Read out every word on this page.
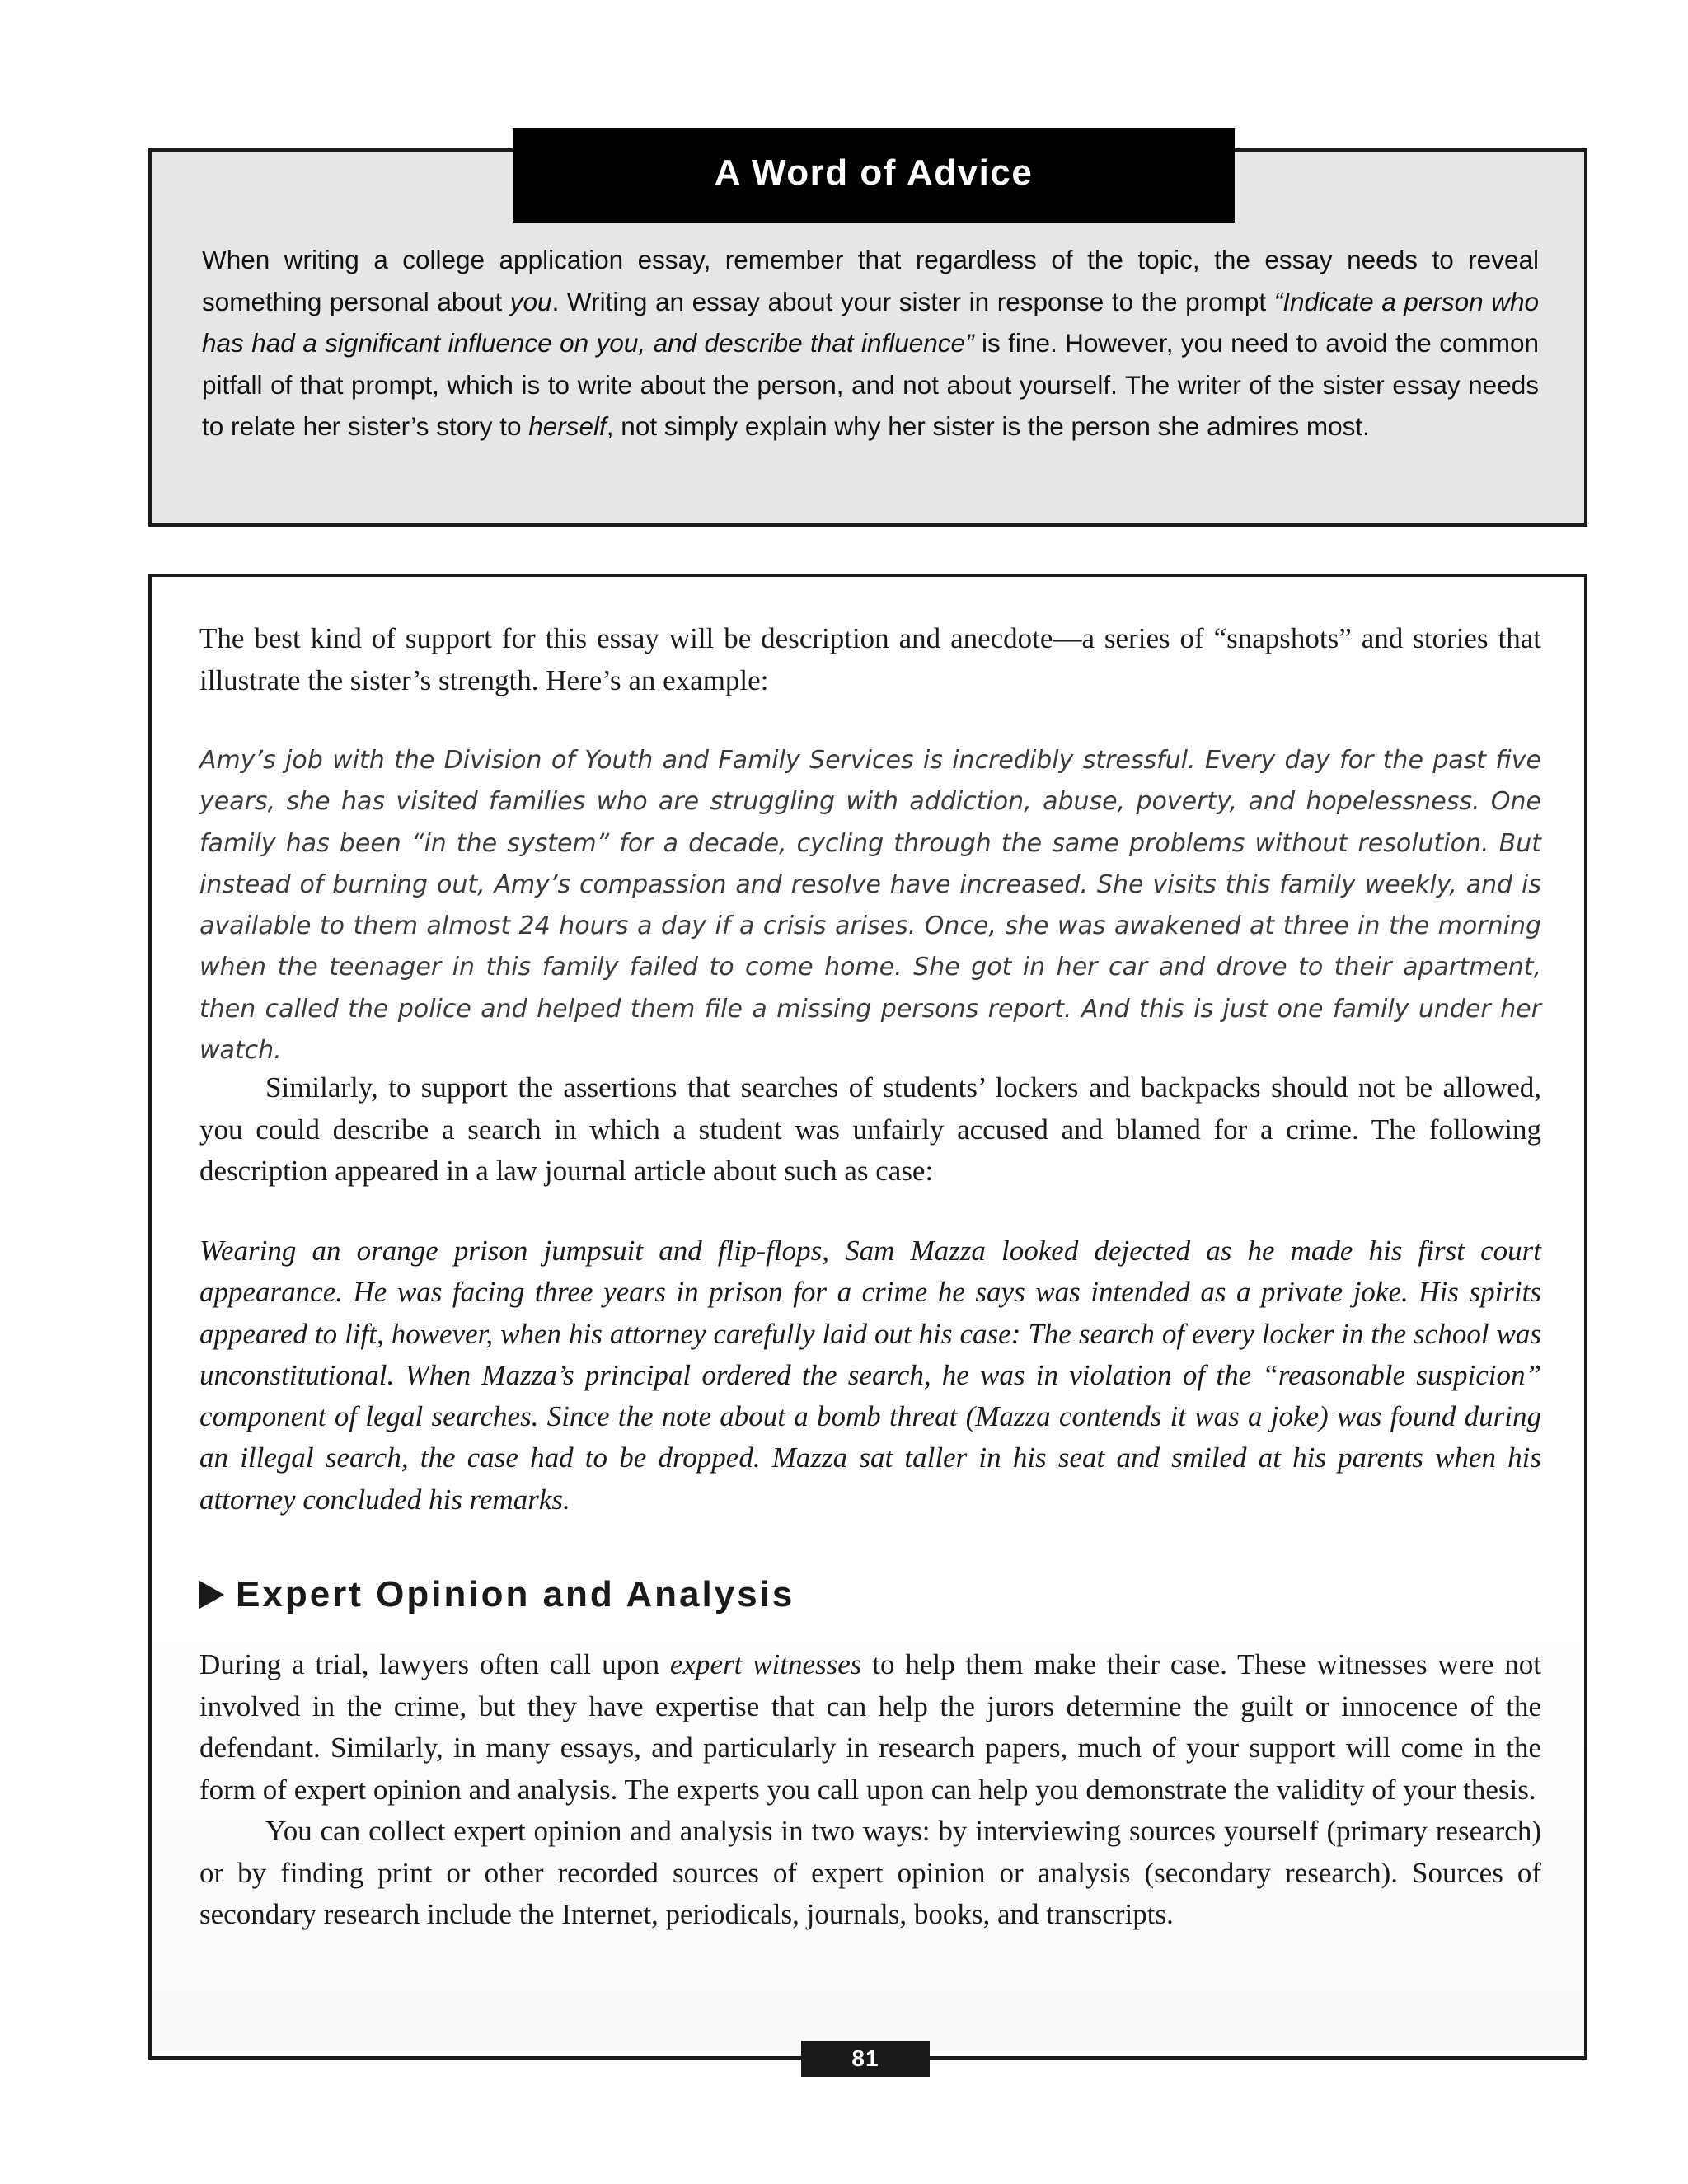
A Word of Advice

When writing a college application essay, remember that regardless of the topic, the essay needs to reveal something personal about you. Writing an essay about your sister in response to the prompt “Indicate a person who has had a significant influence on you, and describe that influence” is fine. However, you need to avoid the common pitfall of that prompt, which is to write about the person, and not about yourself. The writer of the sister essay needs to relate her sister’s story to herself, not simply explain why her sister is the person she admires most.

The best kind of support for this essay will be description and anecdote—a series of “snapshots” and stories that illustrate the sister’s strength. Here’s an example:

Amy’s job with the Division of Youth and Family Services is incredibly stressful. Every day for the past five years, she has visited families who are struggling with addiction, abuse, poverty, and hopelessness. One family has been “in the system” for a decade, cycling through the same problems without resolution. But instead of burning out, Amy’s compassion and resolve have increased. She visits this family weekly, and is available to them almost 24 hours a day if a crisis arises. Once, she was awakened at three in the morning when the teenager in this family failed to come home. She got in her car and drove to their apartment, then called the police and helped them file a missing persons report. And this is just one family under her watch.

Similarly, to support the assertions that searches of students’ lockers and backpacks should not be allowed, you could describe a search in which a student was unfairly accused and blamed for a crime. The following description appeared in a law journal article about such as case:

Wearing an orange prison jumpsuit and flip-flops, Sam Mazza looked dejected as he made his first court appearance. He was facing three years in prison for a crime he says was intended as a private joke. His spirits appeared to lift, however, when his attorney carefully laid out his case: The search of every locker in the school was unconstitutional. When Mazza’s principal ordered the search, he was in violation of the “reasonable suspicion” component of legal searches. Since the note about a bomb threat (Mazza contends it was a joke) was found during an illegal search, the case had to be dropped. Mazza sat taller in his seat and smiled at his parents when his attorney concluded his remarks.

Expert Opinion and Analysis

During a trial, lawyers often call upon expert witnesses to help them make their case. These witnesses were not involved in the crime, but they have expertise that can help the jurors determine the guilt or innocence of the defendant. Similarly, in many essays, and particularly in research papers, much of your support will come in the form of expert opinion and analysis. The experts you call upon can help you demonstrate the validity of your thesis.

You can collect expert opinion and analysis in two ways: by interviewing sources yourself (primary research) or by finding print or other recorded sources of expert opinion or analysis (secondary research). Sources of secondary research include the Internet, periodicals, journals, books, and transcripts.

81
